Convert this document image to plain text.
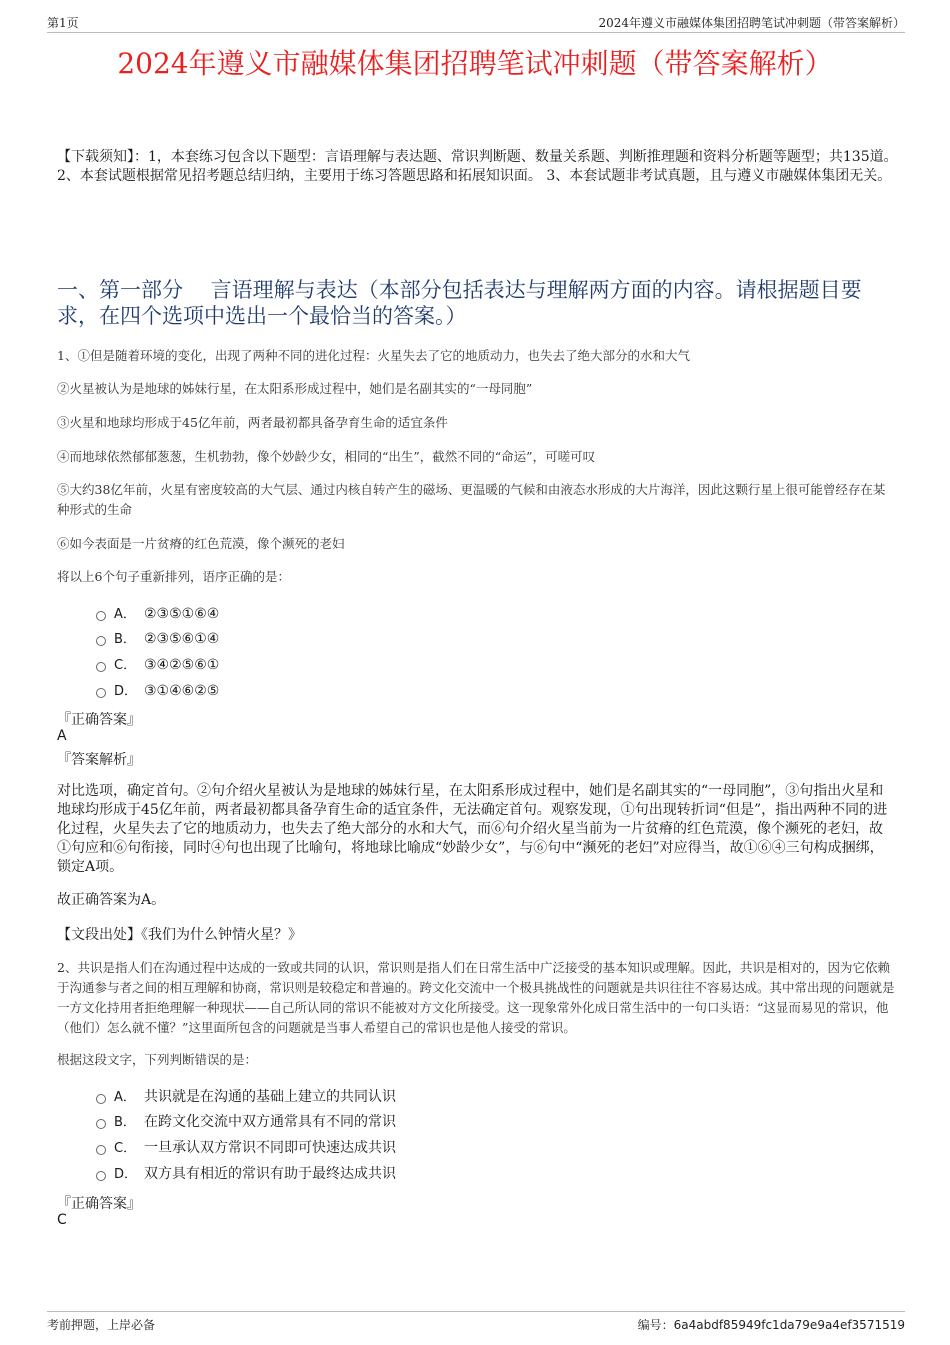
第1页	2024年遵义市融媒体集团招聘笔试冲刺题（带答案解析）
2024年遵义市融媒体集团招聘笔试冲刺题（带答案解析）
【下载须知】：1，本套练习包含以下题型：言语理解与表达题、常识判断题、数量关系题、判断推理题和资料分析题等题型；共135道。 2、本套试题根据常见招考题总结归纳，主要用于练习答题思路和拓展知识面。 3、本套试题非考试真题，且与遵义市融媒体集团无关。
一、第一部分　 言语理解与表达（本部分包括表达与理解两方面的内容。请根据题目要求，在四个选项中选出一个最恰当的答案。）
1、①但是随着环境的变化，出现了两种不同的进化过程：火星失去了它的地质动力，也失去了绝大部分的水和大气
②火星被认为是地球的姊妹行星，在太阳系形成过程中，她们是名副其实的“一母同胞”
③火星和地球均形成于45亿年前，两者最初都具备孕育生命的适宜条件
④而地球依然郁郁葱葱，生机勃勃，像个妙龄少女，相同的“出生”，截然不同的“命运”，可嗟可叹
⑤大约38亿年前，火星有密度较高的大气层、通过内核自转产生的磁场、更温暖的气候和由液态水形成的大片海洋，因此这颗行星上很可能曾经存在某种形式的生命
⑥如今表面是一片贫瘠的红色荒漠，像个濒死的老妇
将以上6个句子重新排列，语序正确的是：
A． ②③⑤①⑥④
B． ②③⑤⑥①④
C． ③④②⑤⑥①
D． ③①④⑥②⑤
『正确答案』
A
『答案解析』
对比选项，确定首句。②句介绍火星被认为是地球的姊妹行星，在太阳系形成过程中，她们是名副其实的“一母同胞”，③句指出火星和地球均形成于45亿年前，两者最初都具备孕育生命的适宜条件，无法确定首句。观察发现，①句出现转折词“但是”，指出两种不同的进化过程，火星失去了它的地质动力，也失去了绝大部分的水和大气，而⑥句介绍火星当前为一片贫瘠的红色荒漠，像个濒死的老妇，故①句应和⑥句衔接，同时④句也出现了比喻句，将地球比喻成“妙龄少女”，与⑥句中“濒死的老妇”对应得当，故①⑥④三句构成捆绑，锁定A项。
故正确答案为A。
【文段出处】《我们为什么钟情火星？》
2、共识是指人们在沟通过程中达成的一致或共同的认识，常识则是指人们在日常生活中广泛接受的基本知识或理解。因此，共识是相对的，因为它依赖于沟通参与者之间的相互理解和协商，常识则是较稳定和普遍的。跨文化交流中一个极具挑战性的问题就是共识往往不容易达成。其中常出现的问题就是一方文化持用者拒绝理解一种现状——自己所认同的常识不能被对方文化所接受。这一现象常外化成日常生活中的一句口头语：“这显而易见的常识，他（他们）怎么就不懂？”这里面所包含的问题就是当事人希望自己的常识也是他人接受的常识。
根据这段文字，下列判断错误的是：
A． 共识就是在沟通的基础上建立的共同认识
B． 在跨文化交流中双方通常具有不同的常识
C． 一旦承认双方常识不同即可快速达成共识
D． 双方具有相近的常识有助于最终达成共识
『正确答案』
C
考前押题，上岸必备	编号：6a4abdf85949fc1da79e9a4ef3571519
